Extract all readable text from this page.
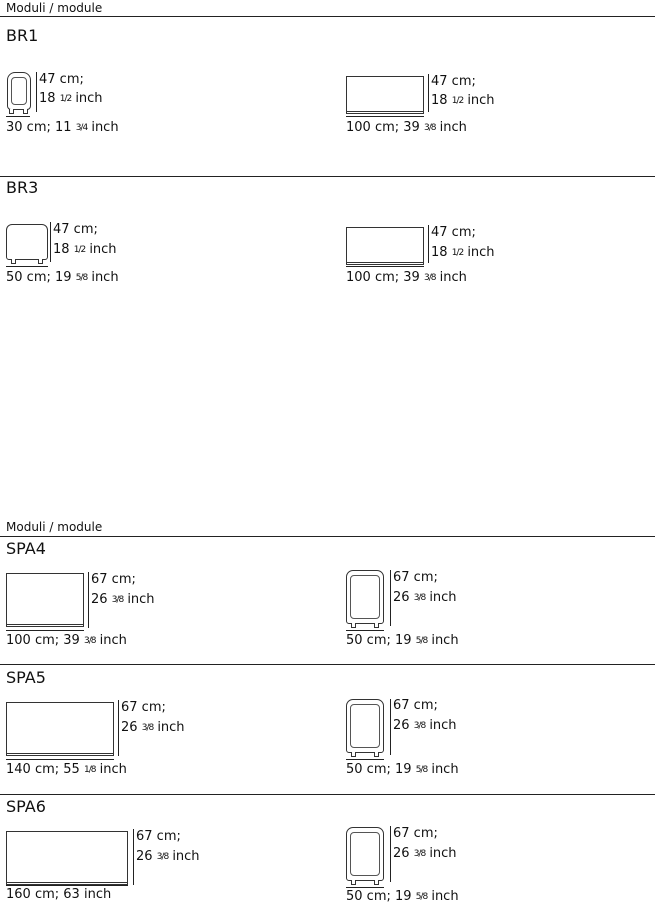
Moduli / module
BR1
47 cm;
18 1/2 inch
30 cm; 11 3/4 inch
47 cm;
18 1/2 inch
100 cm; 39 3/8 inch
BR3
47 cm;
18 1/2 inch
50 cm; 19 5/8 inch
47 cm;
18 1/2 inch
100 cm; 39 3/8 inch
Moduli / module
SPA4
67 cm;
26 3/8 inch
100 cm; 39 3/8 inch
67 cm;
26 3/8 inch
50 cm; 19 5/8 inch
SPA5
67 cm;
26 3/8 inch
140 cm; 55 1/8 inch
67 cm;
26 3/8 inch
50 cm; 19 5/8 inch
SPA6
67 cm;
26 3/8 inch
160 cm; 63 inch
67 cm;
26 3/8 inch
50 cm; 19 5/8 inch
